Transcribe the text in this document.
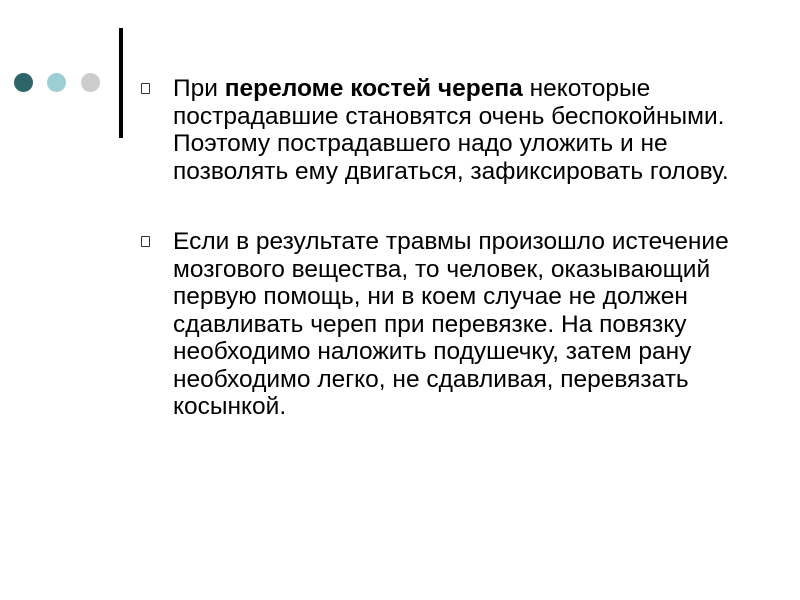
При переломе костей черепа некоторые пострадавшие становятся очень беспокойными. Поэтому пострадавшего надо уложить и не позволять ему двигаться, зафиксировать голову.

Если в результате травмы произошло истечение мозгового вещества, то человек, оказывающий первую помощь, ни в коем случае не должен сдавливать череп при перевязке. На повязку необходимо наложить подушечку, затем рану необходимо легко, не сдавливая, перевязать косынкой.
